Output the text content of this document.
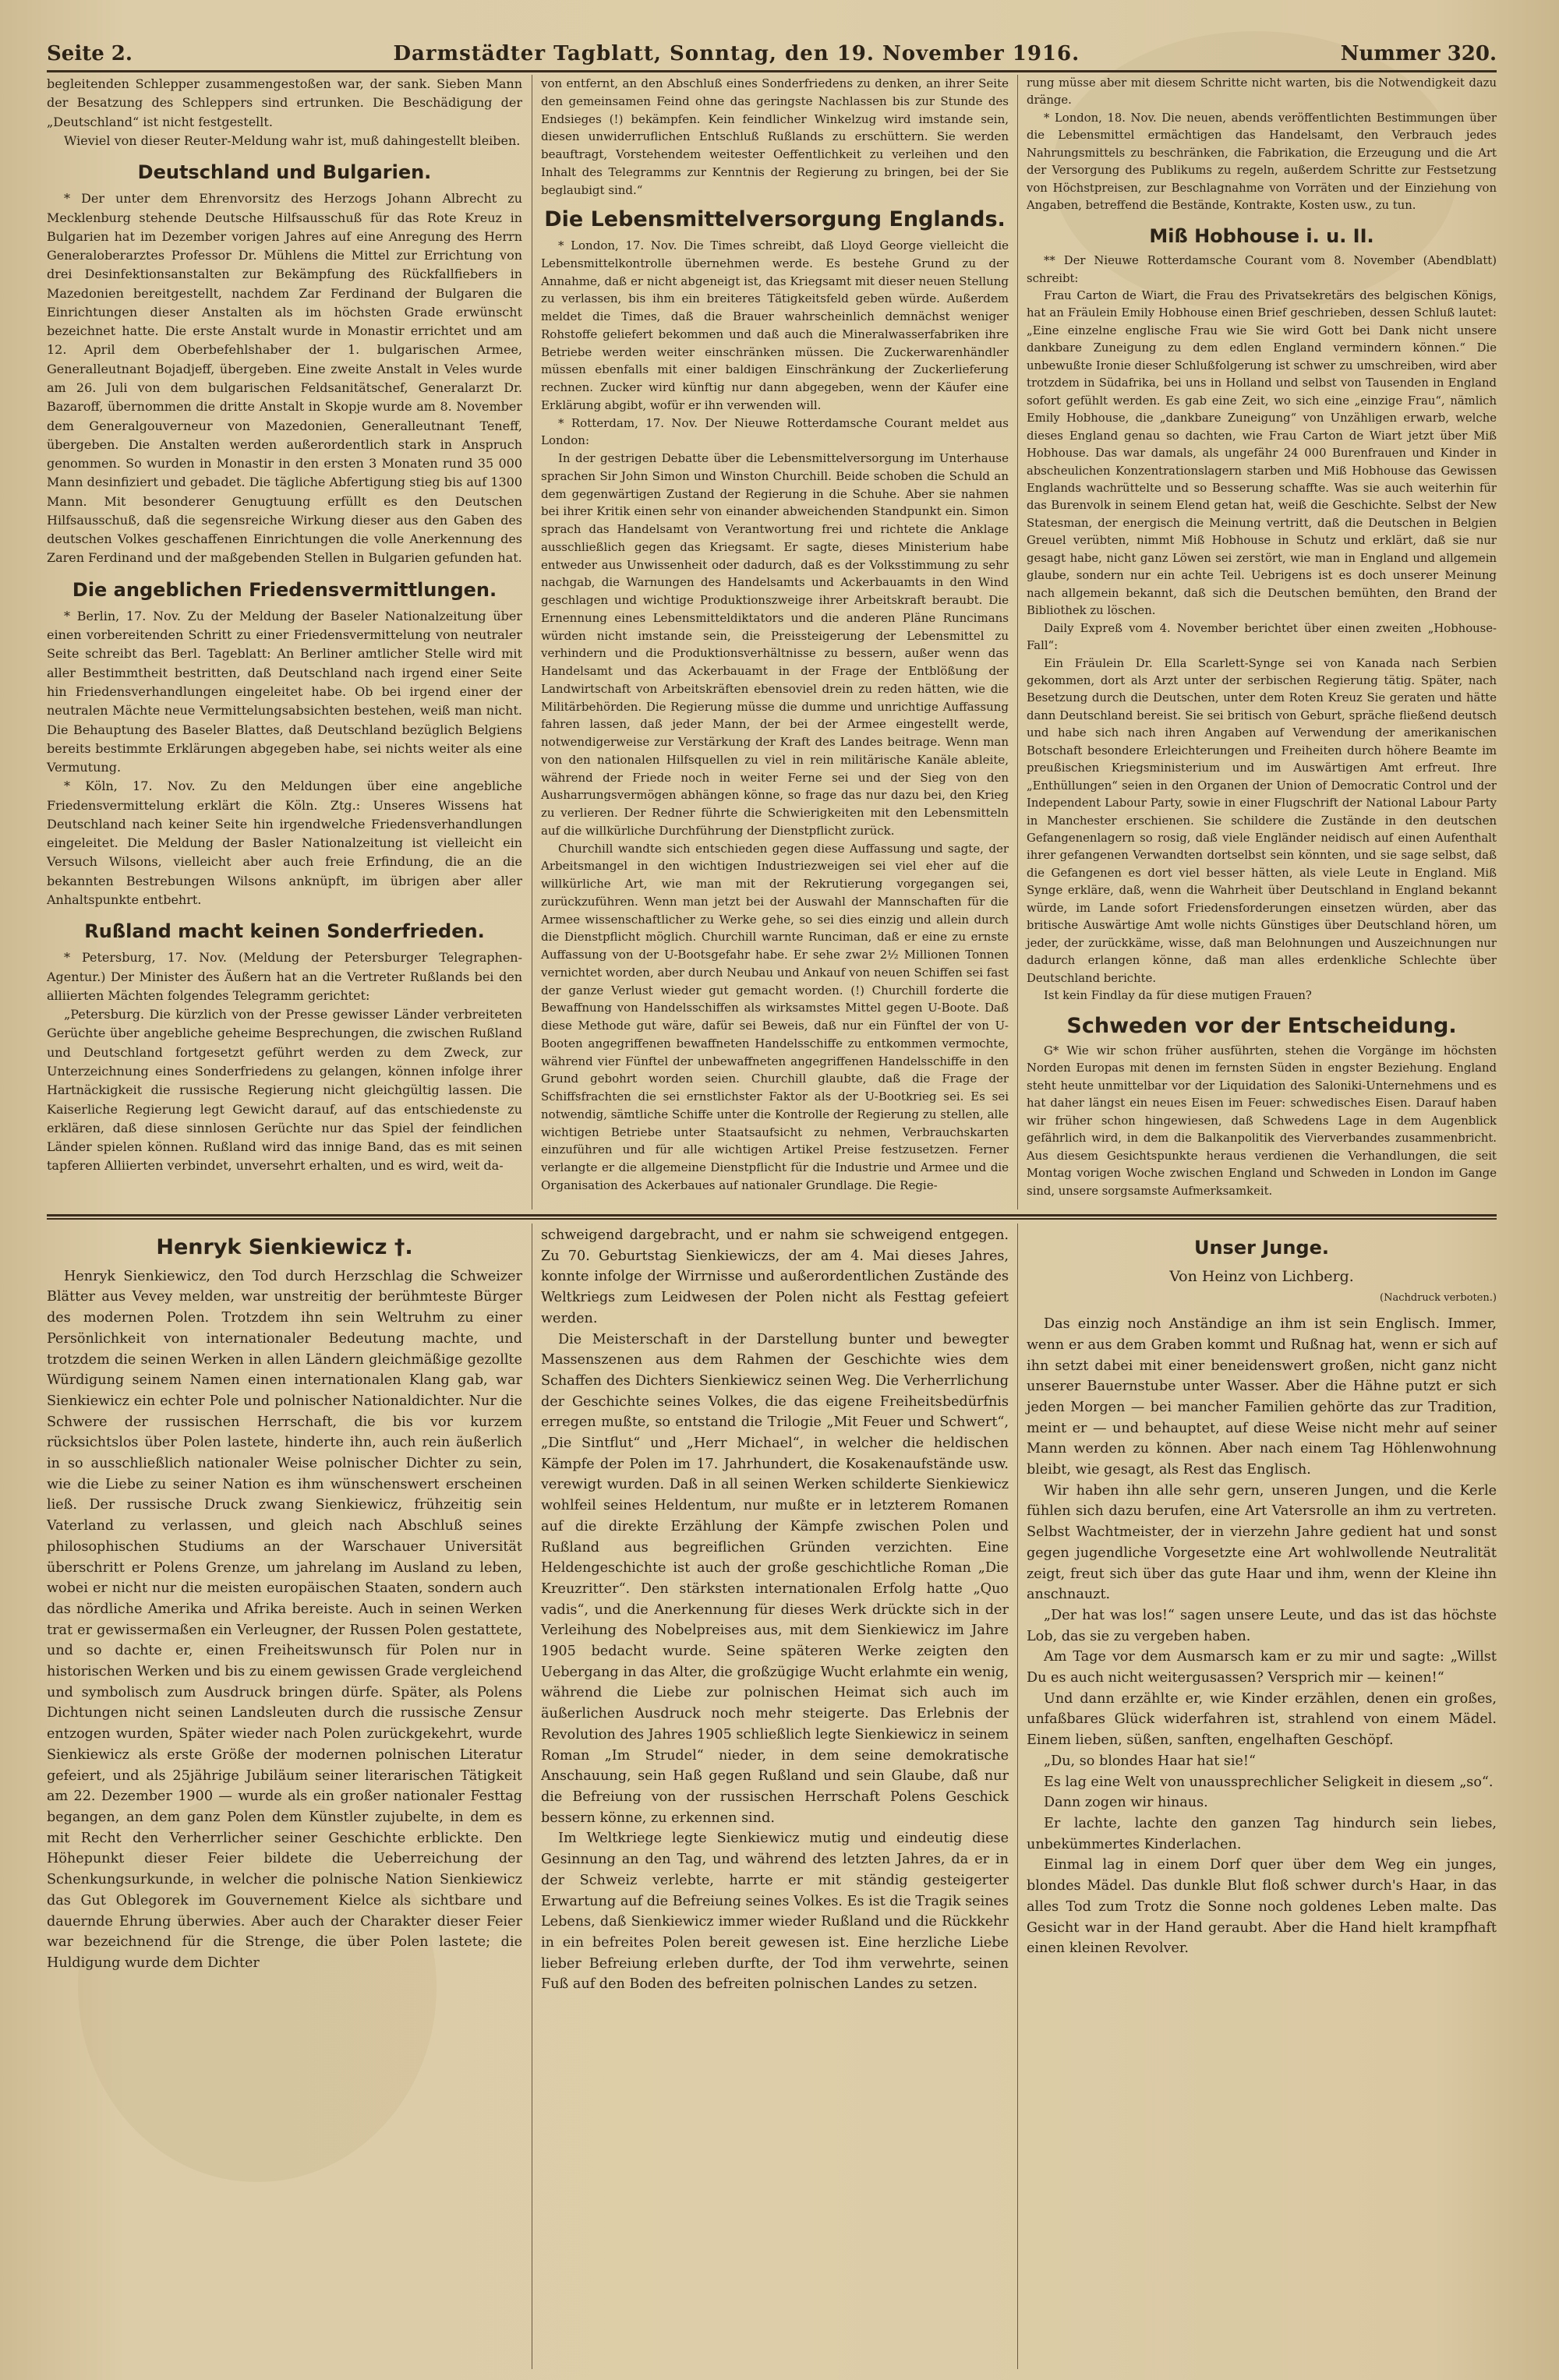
Seite 2.	Darmstädter Tagblatt, Sonntag, den 19. November 1916.	Nummer 320.

begleitenden Schlepper zusammengestoßen war, der sank. Sieben Mann der Besatzung des Schleppers sind ertrunken. Die Beschädigung der „Deutschland“ ist nicht festgestellt.

Wieviel von dieser Reuter-Meldung wahr ist, muß dahingestellt bleiben.

Deutschland und Bulgarien.

* Der unter dem Ehrenvorsitz des Herzogs Johann Albrecht zu Mecklenburg stehende Deutsche Hilfsausschuß für das Rote Kreuz in Bulgarien hat im Dezember vorigen Jahres auf eine Anregung des Herrn Generaloberarztes Professor Dr. Mühlens die Mittel zur Errichtung von drei Desinfektionsanstalten zur Bekämpfung des Rückfallfiebers in Mazedonien bereitgestellt, nachdem Zar Ferdinand der Bulgaren die Einrichtungen dieser Anstalten als im höchsten Grade erwünscht bezeichnet hatte. Die erste Anstalt wurde in Monastir errichtet und am 12. April dem Oberbefehlshaber der 1. bulgarischen Armee, Generalleutnant Bojadjeff, übergeben. Eine zweite Anstalt in Veles wurde am 26. Juli von dem bulgarischen Feldsanitätschef, Generalarzt Dr. Bazaroff, übernommen die dritte Anstalt in Skopje wurde am 8. November dem Generalgouverneur von Mazedonien, Generalleutnant Teneff, übergeben. Die Anstalten werden außerordentlich stark in Anspruch genommen. So wurden in Monastir in den ersten 3 Monaten rund 35 000 Mann desinfiziert und gebadet. Die tägliche Abfertigung stieg bis auf 1300 Mann. Mit besonderer Genugtuung erfüllt es den Deutschen Hilfsausschuß, daß die segensreiche Wirkung dieser aus den Gaben des deutschen Volkes geschaffenen Einrichtungen die volle Anerkennung des Zaren Ferdinand und der maßgebenden Stellen in Bulgarien gefunden hat.

Die angeblichen Friedensvermittlungen.

* Berlin, 17. Nov. Zu der Meldung der Baseler Nationalzeitung über einen vorbereitenden Schritt zu einer Friedensvermittelung von neutraler Seite schreibt das Berl. Tageblatt: An Berliner amtlicher Stelle wird mit aller Bestimmtheit bestritten, daß Deutschland nach irgend einer Seite hin Friedensverhandlungen eingeleitet habe. Ob bei irgend einer der neutralen Mächte neue Vermittelungsabsichten bestehen, weiß man nicht. Die Behauptung des Baseler Blattes, daß Deutschland bezüglich Belgiens bereits bestimmte Erklärungen abgegeben habe, sei nichts weiter als eine Vermutung.

* Köln, 17. Nov. Zu den Meldungen über eine angebliche Friedensvermittelung erklärt die Köln. Ztg.: Unseres Wissens hat Deutschland nach keiner Seite hin irgendwelche Friedensverhandlungen eingeleitet. Die Meldung der Basler Nationalzeitung ist vielleicht ein Versuch Wilsons, vielleicht aber auch freie Erfindung, die an die bekannten Bestrebungen Wilsons anknüpft, im übrigen aber aller Anhaltspunkte entbehrt.

Rußland macht keinen Sonderfrieden.

* Petersburg, 17. Nov. (Meldung der Petersburger Telegraphen-Agentur.) Der Minister des Äußern hat an die Vertreter Rußlands bei den alliierten Mächten folgendes Telegramm gerichtet:

„Petersburg. Die kürzlich von der Presse gewisser Länder verbreiteten Gerüchte über angebliche geheime Besprechungen, die zwischen Rußland und Deutschland fortgesetzt geführt werden zu dem Zweck, zur Unterzeichnung eines Sonderfriedens zu gelangen, können infolge ihrer Hartnäckigkeit die russische Regierung nicht gleichgültig lassen. Die Kaiserliche Regierung legt Gewicht darauf, auf das entschiedenste zu erklären, daß diese sinnlosen Gerüchte nur das Spiel der feindlichen Länder spielen können. Rußland wird das innige Band, das es mit seinen tapferen Alliierten verbindet, unversehrt erhalten, und es wird, weit da-

von entfernt, an den Abschluß eines Sonderfriedens zu denken, an ihrer Seite den gemeinsamen Feind ohne das geringste Nachlassen bis zur Stunde des Endsieges (!) bekämpfen. Kein feindlicher Winkelzug wird imstande sein, diesen unwiderruflichen Entschluß Rußlands zu erschüttern. Sie werden beauftragt, Vorstehendem weitester Oeffentlichkeit zu verleihen und den Inhalt des Telegramms zur Kenntnis der Regierung zu bringen, bei der Sie beglaubigt sind.“

Die Lebensmittelversorgung Englands.

* London, 17. Nov. Die Times schreibt, daß Lloyd George vielleicht die Lebensmittelkontrolle übernehmen werde. Es bestehe Grund zu der Annahme, daß er nicht abgeneigt ist, das Kriegsamt mit dieser neuen Stellung zu verlassen, bis ihm ein breiteres Tätigkeitsfeld geben würde. Außerdem meldet die Times, daß die Brauer wahrscheinlich demnächst weniger Rohstoffe geliefert bekommen und daß auch die Mineralwasserfabriken ihre Betriebe werden weiter einschränken müssen. Die Zuckerwarenhändler müssen ebenfalls mit einer baldigen Einschränkung der Zuckerlieferung rechnen. Zucker wird künftig nur dann abgegeben, wenn der Käufer eine Erklärung abgibt, wofür er ihn verwenden will.

* Rotterdam, 17. Nov. Der Nieuwe Rotterdamsche Courant meldet aus London:

In der gestrigen Debatte über die Lebensmittelversorgung im Unterhause sprachen Sir John Simon und Winston Churchill. Beide schoben die Schuld an dem gegenwärtigen Zustand der Regierung in die Schuhe. Aber sie nahmen bei ihrer Kritik einen sehr von einander abweichenden Standpunkt ein. Simon sprach das Handelsamt von Verantwortung frei und richtete die Anklage ausschließlich gegen das Kriegsamt. Er sagte, dieses Ministerium habe entweder aus Unwissenheit oder dadurch, daß es der Volksstimmung zu sehr nachgab, die Warnungen des Handelsamts und Ackerbauamts in den Wind geschlagen und wichtige Produktionszweige ihrer Arbeitskraft beraubt. Die Ernennung eines Lebensmitteldiktators und die anderen Pläne Runcimans würden nicht imstande sein, die Preissteigerung der Lebensmittel zu verhindern und die Produktionsverhältnisse zu bessern, außer wenn das Handelsamt und das Ackerbauamt in der Frage der Entblößung der Landwirtschaft von Arbeitskräften ebensoviel drein zu reden hätten, wie die Militärbehörden. Die Regierung müsse die dumme und unrichtige Auffassung fahren lassen, daß jeder Mann, der bei der Armee eingestellt werde, notwendigerweise zur Verstärkung der Kraft des Landes beitrage. Wenn man von den nationalen Hilfsquellen zu viel in rein militärische Kanäle ableite, während der Friede noch in weiter Ferne sei und der Sieg von den Ausharrungsvermögen abhängen könne, so frage das nur dazu bei, den Krieg zu verlieren. Der Redner führte die Schwierigkeiten mit den Lebensmitteln auf die willkürliche Durchführung der Dienstpflicht zurück.

Churchill wandte sich entschieden gegen diese Auffassung und sagte, der Arbeitsmangel in den wichtigen Industriezweigen sei viel eher auf die willkürliche Art, wie man mit der Rekrutierung vorgegangen sei, zurückzuführen. Wenn man jetzt bei der Auswahl der Mannschaften für die Armee wissenschaftlicher zu Werke gehe, so sei dies einzig und allein durch die Dienstpflicht möglich. Churchill warnte Runciman, daß er eine zu ernste Auffassung von der U-Bootsgefahr habe. Er sehe zwar 2½ Millionen Tonnen vernichtet worden, aber durch Neubau und Ankauf von neuen Schiffen sei fast der ganze Verlust wieder gut gemacht worden. (!) Churchill forderte die Bewaffnung von Handelsschiffen als wirksamstes Mittel gegen U-Boote. Daß diese Methode gut wäre, dafür sei Beweis, daß nur ein Fünftel der von U-Booten angegriffenen bewaffneten Handelsschiffe zu entkommen vermochte, während vier Fünftel der unbewaffneten angegriffenen Handelsschiffe in den Grund gebohrt worden seien. Churchill glaubte, daß die Frage der Schiffsfrachten die sei ernstlichster Faktor als der U-Bootkrieg sei. Es sei notwendig, sämtliche Schiffe unter die Kontrolle der Regierung zu stellen, alle wichtigen Betriebe unter Staatsaufsicht zu nehmen, Verbrauchskarten einzuführen und für alle wichtigen Artikel Preise festzusetzen. Ferner verlangte er die allgemeine Dienstpflicht für die Industrie und Armee und die Organisation des Ackerbaues auf nationaler Grundlage. Die Regie-

rung müsse aber mit diesem Schritte nicht warten, bis die Notwendigkeit dazu dränge.

* London, 18. Nov. Die neuen, abends veröffentlichten Bestimmungen über die Lebensmittel ermächtigen das Handelsamt, den Verbrauch jedes Nahrungsmittels zu beschränken, die Fabrikation, die Erzeugung und die Art der Versorgung des Publikums zu regeln, außerdem Schritte zur Festsetzung von Höchstpreisen, zur Beschlagnahme von Vorräten und der Einziehung von Angaben, betreffend die Bestände, Kontrakte, Kosten usw., zu tun.

Miß Hobhouse i. u. II.

** Der Nieuwe Rotterdamsche Courant vom 8. November (Abendblatt) schreibt:

Frau Carton de Wiart, die Frau des Privatsekretärs des belgischen Königs, hat an Fräulein Emily Hobhouse einen Brief geschrieben, dessen Schluß lautet: „Eine einzelne englische Frau wie Sie wird Gott bei Dank nicht unsere dankbare Zuneigung zu dem edlen England vermindern können.“ Die unbewußte Ironie dieser Schlußfolgerung ist schwer zu umschreiben, wird aber trotzdem in Südafrika, bei uns in Holland und selbst von Tausenden in England sofort gefühlt werden. Es gab eine Zeit, wo sich eine „einzige Frau“, nämlich Emily Hobhouse, die „dankbare Zuneigung“ von Unzähligen erwarb, welche dieses England genau so dachten, wie Frau Carton de Wiart jetzt über Miß Hobhouse. Das war damals, als ungefähr 24 000 Burenfrauen und Kinder in abscheulichen Konzentrationslagern starben und Miß Hobhouse das Gewissen Englands wachrüttelte und so Besserung schaffte. Was sie auch weiterhin für das Burenvolk in seinem Elend getan hat, weiß die Geschichte. Selbst der New Statesman, der energisch die Meinung vertritt, daß die Deutschen in Belgien Greuel verübten, nimmt Miß Hobhouse in Schutz und erklärt, daß sie nur gesagt habe, nicht ganz Löwen sei zerstört, wie man in England und allgemein glaube, sondern nur ein achte Teil. Uebrigens ist es doch unserer Meinung nach allgemein bekannt, daß sich die Deutschen bemühten, den Brand der Bibliothek zu löschen.

Daily Expreß vom 4. November berichtet über einen zweiten „Hobhouse-Fall“:

Ein Fräulein Dr. Ella Scarlett-Synge sei von Kanada nach Serbien gekommen, dort als Arzt unter der serbischen Regierung tätig. Später, nach Besetzung durch die Deutschen, unter dem Roten Kreuz Sie geraten und hätte dann Deutschland bereist. Sie sei britisch von Geburt, spräche fließend deutsch und habe sich nach ihren Angaben auf Verwendung der amerikanischen Botschaft besondere Erleichterungen und Freiheiten durch höhere Beamte im preußischen Kriegsministerium und im Auswärtigen Amt erfreut. Ihre „Enthüllungen“ seien in den Organen der Union of Democratic Control und der Independent Labour Party, sowie in einer Flugschrift der National Labour Party in Manchester erschienen. Sie schildere die Zustände in den deutschen Gefangenenlagern so rosig, daß viele Engländer neidisch auf einen Aufenthalt ihrer gefangenen Verwandten dortselbst sein könnten, und sie sage selbst, daß die Gefangenen es dort viel besser hätten, als viele Leute in England. Miß Synge erkläre, daß, wenn die Wahrheit über Deutschland in England bekannt würde, im Lande sofort Friedensforderungen einsetzen würden, aber das britische Auswärtige Amt wolle nichts Günstiges über Deutschland hören, um jeder, der zurückkäme, wisse, daß man Belohnungen und Auszeichnungen nur dadurch erlangen könne, daß man alles erdenkliche Schlechte über Deutschland berichte.

Ist kein Findlay da für diese mutigen Frauen?

Schweden vor der Entscheidung.

G* Wie wir schon früher ausführten, stehen die Vorgänge im höchsten Norden Europas mit denen im fernsten Süden in engster Beziehung. England steht heute unmittelbar vor der Liquidation des Saloniki-Unternehmens und es hat daher längst ein neues Eisen im Feuer: schwedisches Eisen. Darauf haben wir früher schon hingewiesen, daß Schwedens Lage in dem Augenblick gefährlich wird, in dem die Balkanpolitik des Vierverbandes zusammenbricht. Aus diesem Gesichtspunkte heraus verdienen die Verhandlungen, die seit Montag vorigen Woche zwischen England und Schweden in London im Gange sind, unsere sorgsamste Aufmerksamkeit.

Henryk Sienkiewicz †.

Henryk Sienkiewicz, den Tod durch Herzschlag die Schweizer Blätter aus Vevey melden, war unstreitig der berühmteste Bürger des modernen Polen. Trotzdem ihn sein Weltruhm zu einer Persönlichkeit von internationaler Bedeutung machte, und trotzdem die seinen Werken in allen Ländern gleichmäßige gezollte Würdigung seinem Namen einen internationalen Klang gab, war Sienkiewicz ein echter Pole und polnischer Nationaldichter. Nur die Schwere der russischen Herrschaft, die bis vor kurzem rücksichtslos über Polen lastete, hinderte ihn, auch rein äußerlich in so ausschließlich nationaler Weise polnischer Dichter zu sein, wie die Liebe zu seiner Nation es ihm wünschenswert erscheinen ließ. Der russische Druck zwang Sienkiewicz, frühzeitig sein Vaterland zu verlassen, und gleich nach Abschluß seines philosophischen Studiums an der Warschauer Universität überschritt er Polens Grenze, um jahrelang im Ausland zu leben, wobei er nicht nur die meisten europäischen Staaten, sondern auch das nördliche Amerika und Afrika bereiste. Auch in seinen Werken trat er gewissermaßen ein Verleugner, der Russen Polen gestattete, und so dachte er, einen Freiheitswunsch für Polen nur in historischen Werken und bis zu einem gewissen Grade vergleichend und symbolisch zum Ausdruck bringen dürfe. Später, als Polens Dichtungen nicht seinen Landsleuten durch die russische Zensur entzogen wurden, Später wieder nach Polen zurückgekehrt, wurde Sienkiewicz als erste Größe der modernen polnischen Literatur gefeiert, und als 25jährige Jubiläum seiner literarischen Tätigkeit am 22. Dezember 1900 — wurde als ein großer nationaler Festtag begangen, an dem ganz Polen dem Künstler zujubelte, in dem es mit Recht den Verherrlicher seiner Geschichte erblickte. Den Höhepunkt dieser Feier bildete die Ueberreichung der Schenkungsurkunde, in welcher die polnische Nation Sienkiewicz das Gut Oblegorek im Gouvernement Kielce als sichtbare und dauernde Ehrung überwies. Aber auch der Charakter dieser Feier war bezeichnend für die Strenge, die über Polen lastete; die Huldigung wurde dem Dichter

schweigend dargebracht, und er nahm sie schweigend entgegen. Zu 70. Geburtstag Sienkiewiczs, der am 4. Mai dieses Jahres, konnte infolge der Wirrnisse und außerordentlichen Zustände des Weltkriegs zum Leidwesen der Polen nicht als Festtag gefeiert werden.

Die Meisterschaft in der Darstellung bunter und bewegter Massenszenen aus dem Rahmen der Geschichte wies dem Schaffen des Dichters Sienkiewicz seinen Weg. Die Verherrlichung der Geschichte seines Volkes, die das eigene Freiheitsbedürfnis erregen mußte, so entstand die Trilogie „Mit Feuer und Schwert“, „Die Sintflut“ und „Herr Michael“, in welcher die heldischen Kämpfe der Polen im 17. Jahrhundert, die Kosakenaufstände usw. verewigt wurden. Daß in all seinen Werken schilderte Sienkiewicz wohlfeil seines Heldentum, nur mußte er in letzterem Romanen auf die direkte Erzählung der Kämpfe zwischen Polen und Rußland aus begreiflichen Gründen verzichten. Eine Heldengeschichte ist auch der große geschichtliche Roman „Die Kreuzritter“. Den stärksten internationalen Erfolg hatte „Quo vadis“, und die Anerkennung für dieses Werk drückte sich in der Verleihung des Nobelpreises aus, mit dem Sienkiewicz im Jahre 1905 bedacht wurde. Seine späteren Werke zeigten den Uebergang in das Alter, die großzügige Wucht erlahmte ein wenig, während die Liebe zur polnischen Heimat sich auch im äußerlichen Ausdruck noch mehr steigerte. Das Erlebnis der Revolution des Jahres 1905 schließlich legte Sienkiewicz in seinem Roman „Im Strudel“ nieder, in dem seine demokratische Anschauung, sein Haß gegen Rußland und sein Glaube, daß nur die Befreiung von der russischen Herrschaft Polens Geschick bessern könne, zu erkennen sind.

Im Weltkriege legte Sienkiewicz mutig und eindeutig diese Gesinnung an den Tag, und während des letzten Jahres, da er in der Schweiz verlebte, harrte er mit ständig gesteigerter Erwartung auf die Befreiung seines Volkes. Es ist die Tragik seines Lebens, daß Sienkiewicz immer wieder Rußland und die Rückkehr in ein befreites Polen bereit gewesen ist. Eine herzliche Liebe lieber Befreiung erleben durfte, der Tod ihm verwehrte, seinen Fuß auf den Boden des befreiten polnischen Landes zu setzen.

Unser Junge.
Von Heinz von Lichberg.
(Nachdruck verboten.)

Das einzig noch Anständige an ihm ist sein Englisch. Immer, wenn er aus dem Graben kommt und Rußnag hat, wenn er sich auf ihn setzt dabei mit einer beneidenswert großen, nicht ganz nicht unserer Bauernstube unter Wasser. Aber die Hähne putzt er sich jeden Morgen — bei mancher Familien gehörte das zur Tradition, meint er — und behauptet, auf diese Weise nicht mehr auf seiner Mann werden zu können. Aber nach einem Tag Höhlenwohnung bleibt, wie gesagt, als Rest das Englisch.

Wir haben ihn alle sehr gern, unseren Jungen, und die Kerle fühlen sich dazu berufen, eine Art Vatersrolle an ihm zu vertreten. Selbst Wachtmeister, der in vierzehn Jahre gedient hat und sonst gegen jugendliche Vorgesetzte eine Art wohlwollende Neutralität zeigt, freut sich über das gute Haar und ihm, wenn der Kleine ihn anschnauzt.

„Der hat was los!“ sagen unsere Leute, und das ist das höchste Lob, das sie zu vergeben haben.

Am Tage vor dem Ausmarsch kam er zu mir und sagte: „Willst Du es auch nicht weitergusassen? Versprich mir — keinen!“

Und dann erzählte er, wie Kinder erzählen, denen ein großes, unfaßbares Glück widerfahren ist, strahlend von einem Mädel. Einem lieben, süßen, sanften, engelhaften Geschöpf.

„Du, so blondes Haar hat sie!“

Es lag eine Welt von unaussprechlicher Seligkeit in diesem „so“.

Dann zogen wir hinaus.

Er lachte, lachte den ganzen Tag hindurch sein liebes, unbekümmertes Kinderlachen.

Einmal lag in einem Dorf quer über dem Weg ein junges, blondes Mädel. Das dunkle Blut floß schwer durch's Haar, in das alles Tod zum Trotz die Sonne noch goldenes Leben malte. Das Gesicht war in der Hand geraubt. Aber die Hand hielt krampfhaft einen kleinen Revolver.
